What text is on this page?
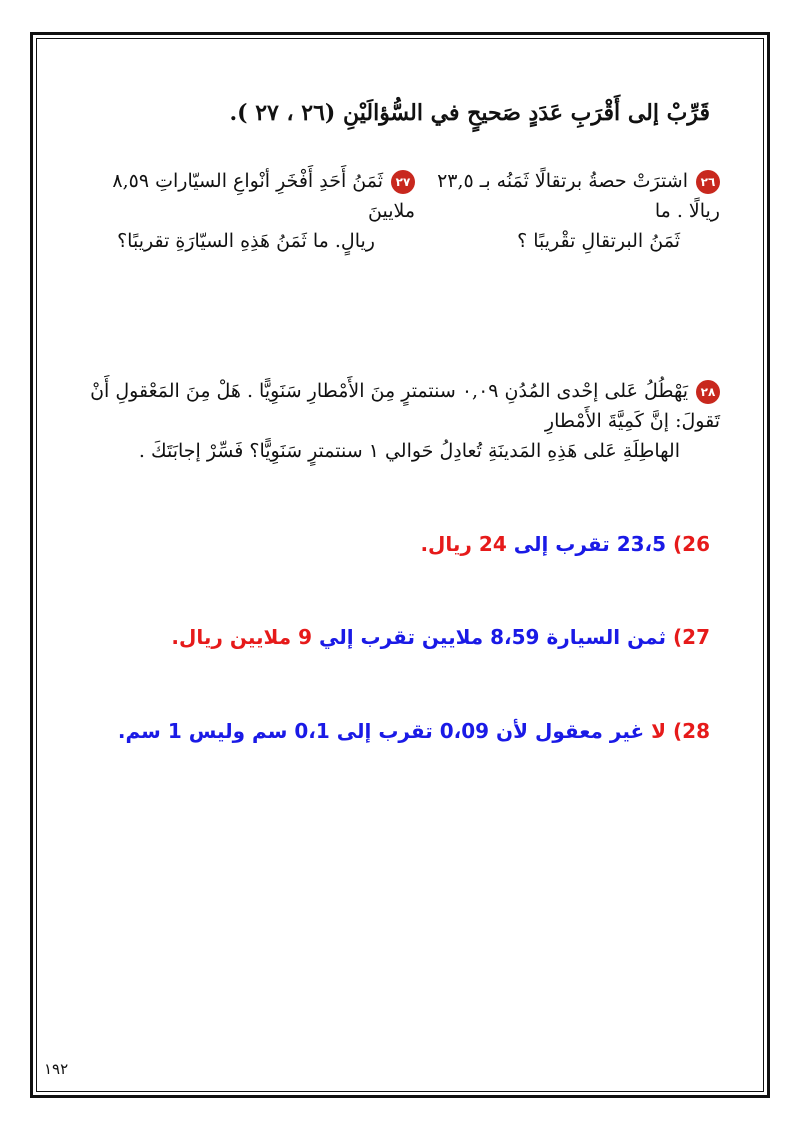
قَرِّبْ إلى أَقْرَبِ عَدَدٍ صَحيحٍ في السُّؤالَيْنِ (٢٦ ، ٢٧ ).
٢٦اشترَتْ حصةُ برتقالًا ثَمَنُه بـ ٢٣,٥ ريالًا . ما
ثَمَنُ البرتقالِ تقْريبًا ؟
٢٧ثَمَنُ أَحَدِ أَفْخَرِ أنْواعِ السيّاراتِ ٨,٥٩ ملايينَ
ريالٍ. ما ثَمَنُ هَذِهِ السيّارَةِ تقريبًا؟
٢٨يَهْطُلُ عَلى إحْدى المُدُنِ ٠,٠٩ سنتمترٍ مِنَ الأَمْطارِ سَنَوِيًّا . هَلْ مِنَ المَعْقولِ أَنْ تَقولَ: إنَّ كَمِيَّةَ الأَمْطارِ
الهاطِلَةِ عَلى هَذِهِ المَدينَةِ تُعادِلُ حَوالي ١ سنتمترٍ سَنَوِيًّا؟ فَسِّرْ إجابَتَكَ .
26) 23،5 تقرب إلى 24 ريال.
27) ثمن السيارة 8،59 ملايين تقرب إلي 9 ملايين ريال.
28) لا غير معقول لأن 0،09 تقرب إلى 0،1 سم وليس 1 سم.
١٩٢
